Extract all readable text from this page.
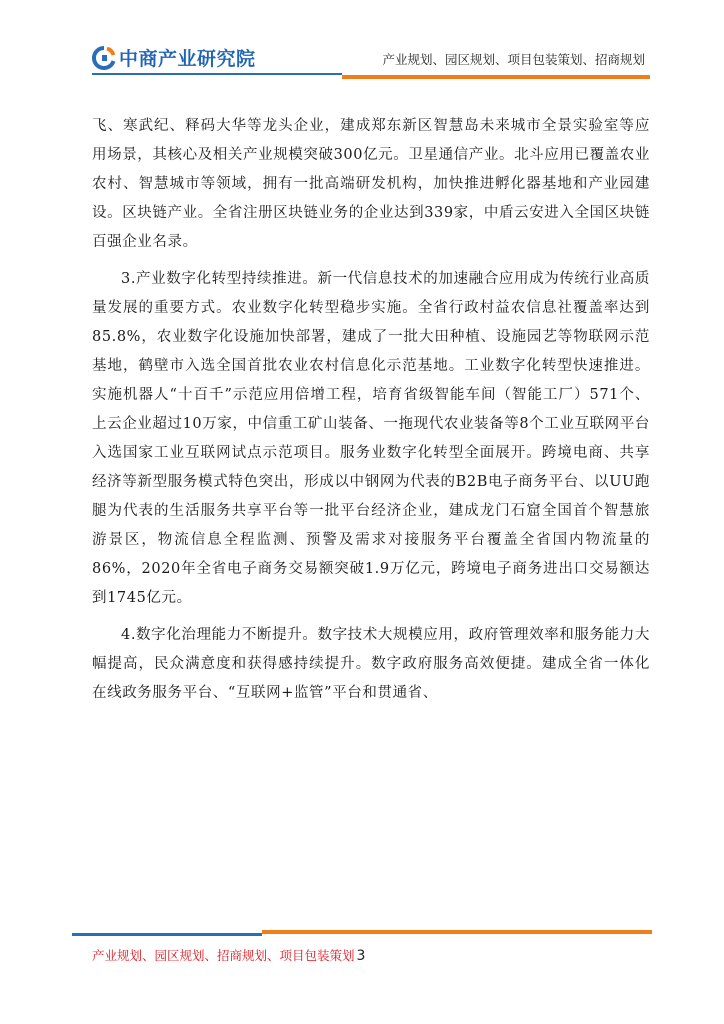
中商产业研究院	产业规划、园区规划、项目包装策划、招商规划

飞、寒武纪、释码大华等龙头企业，建成郑东新区智慧岛未来城市全景实验室等应用场景，其核心及相关产业规模突破300亿元。卫星通信产业。北斗应用已覆盖农业农村、智慧城市等领域，拥有一批高端研发机构，加快推进孵化器基地和产业园建设。区块链产业。全省注册区块链业务的企业达到339家，中盾云安进入全国区块链百强企业名录。

3.产业数字化转型持续推进。新一代信息技术的加速融合应用成为传统行业高质量发展的重要方式。农业数字化转型稳步实施。全省行政村益农信息社覆盖率达到85.8%，农业数字化设施加快部署，建成了一批大田种植、设施园艺等物联网示范基地，鹤壁市入选全国首批农业农村信息化示范基地。工业数字化转型快速推进。实施机器人“十百千”示范应用倍增工程，培育省级智能车间（智能工厂）571个、上云企业超过10万家，中信重工矿山装备、一拖现代农业装备等8个工业互联网平台入选国家工业互联网试点示范项目。服务业数字化转型全面展开。跨境电商、共享经济等新型服务模式特色突出，形成以中钢网为代表的B2B电子商务平台、以UU跑腿为代表的生活服务共享平台等一批平台经济企业，建成龙门石窟全国首个智慧旅游景区，物流信息全程监测、预警及需求对接服务平台覆盖全省国内物流量的86%，2020年全省电子商务交易额突破1.9万亿元，跨境电子商务进出口交易额达到1745亿元。

4.数字化治理能力不断提升。数字技术大规模应用，政府管理效率和服务能力大幅提高，民众满意度和获得感持续提升。数字政府服务高效便捷。建成全省一体化在线政务服务平台、“互联网+监管”平台和贯通省、

产业规划、园区规划、招商规划、项目包装策划 3
